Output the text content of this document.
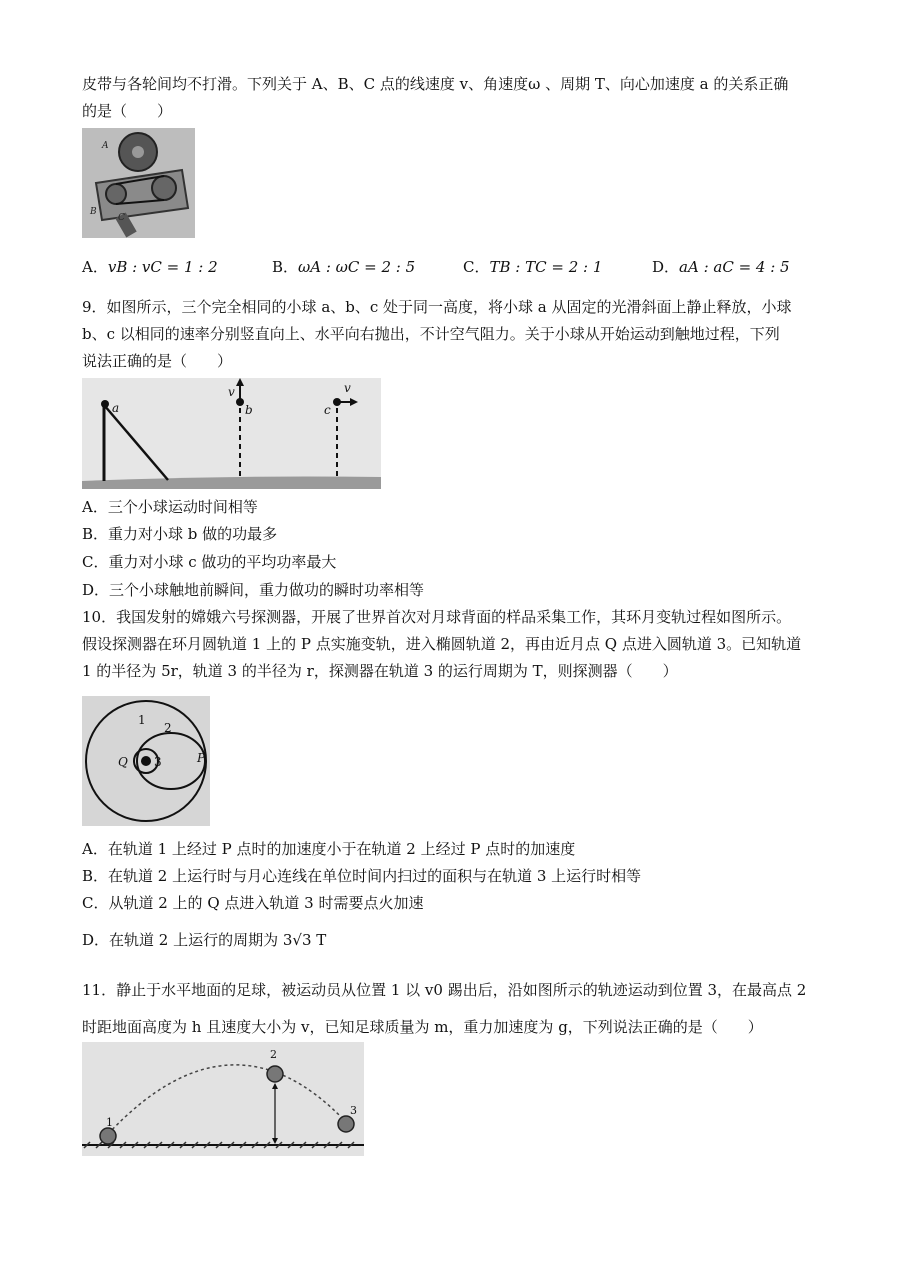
皮带与各轮间均不打滑。下列关于 A、B、C 点的线速度 v、角速度ω 、周期 T、向心加速度 a 的关系正确
的是（　　）
A
B
C
A．vB : vC = 1 : 2	B．ωA : ωC = 2 : 5	C．TB : TC = 2 : 1	D．aA : aC = 4 : 5
9．如图所示，三个完全相同的小球 a、b、c 处于同一高度，将小球 a 从固定的光滑斜面上静止释放，小球
b、c 以相同的速率分别竖直向上、水平向右抛出，不计空气阻力。关于小球从开始运动到触地过程，下列
说法正确的是（　　）
a
v
b
v
c
A．三个小球运动时间相等
B．重力对小球 b 做的功最多
C．重力对小球 c 做功的平均功率最大
D．三个小球触地前瞬间，重力做功的瞬时功率相等
10．我国发射的嫦娥六号探测器，开展了世界首次对月球背面的样品采集工作，其环月变轨过程如图所示。
假设探测器在环月圆轨道 1 上的 P 点实施变轨，进入椭圆轨道 2，再由近月点 Q 点进入圆轨道 3。已知轨道
1 的半径为 5r，轨道 3 的半径为 r，探测器在轨道 3 的运行周期为 T，则探测器（　　）
1
2
3
Q	P
A．在轨道 1 上经过 P 点时的加速度小于在轨道 2 上经过 P 点时的加速度
B．在轨道 2 上运行时与月心连线在单位时间内扫过的面积与在轨道 3 上运行时相等
C．从轨道 2 上的 Q 点进入轨道 3 时需要点火加速
D．在轨道 2 上运行的周期为 3√3 T
11．静止于水平地面的足球，被运动员从位置 1 以 v0 踢出后，沿如图所示的轨迹运动到位置 3，在最高点 2
时距地面高度为 h 且速度大小为 v，已知足球质量为 m，重力加速度为 g，下列说法正确的是（　　）
1
2
3
